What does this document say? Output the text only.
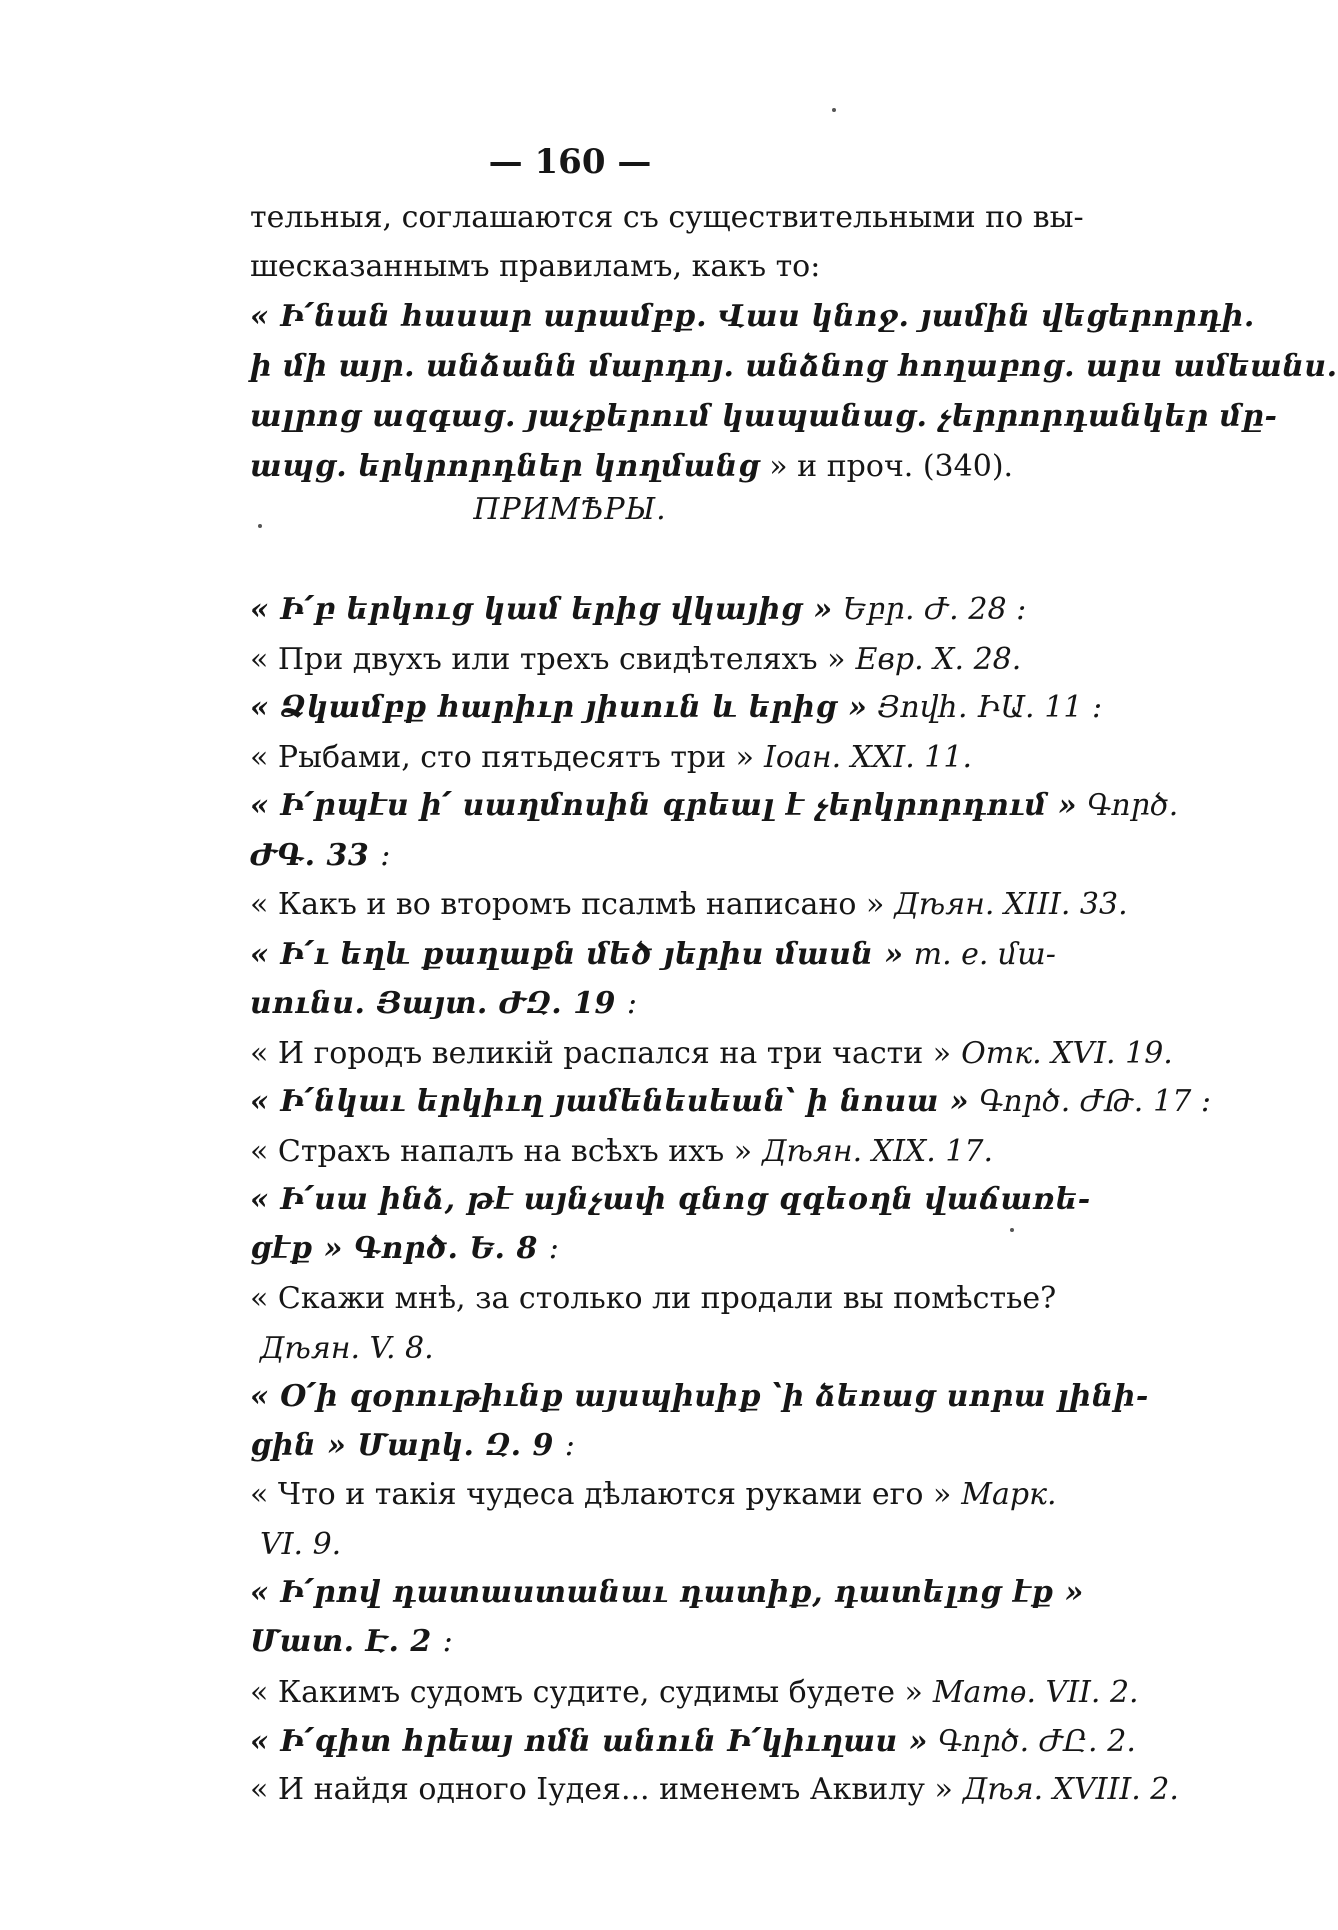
— 160 —
тельныя, соглашаются съ существительными по вы-
шесказаннымъ правиламъ, какъ то:
« Ի՛նան հասար արամբք․ Վաս կնոջ․ յամին վեցերորդի․
ի մի այր․ անձանն մարդոյ․ անձնոց հողաբոց․ արս ամեանս․
ալրոց ազգաց․ յաչքերում կապանաց․ չերրորդանկեր մը-
ապց․ երկրորդներ կողմանց » и проч. (340).
ПРИМѢРЫ.
« Ի՛բ երկուց կամ երից վկայից » Եբր․ Ժ․ 28 ։
« При двухъ или трехъ свидѣтеляхъ » Евр. X. 28.
« Ձկամբք հարիւր յիսուն և երից » Յովհ․ ԻԱ․ 11 ։
« Рыбами, сто пятьдесятъ три » Іоан. XXI. 11.
« Ի՛րպէս ի՛ սաղմոսին գրեալ է չերկրորդում » Գործ․
ԺԳ․ 33 ։
« Какъ и во второмъ псалмѣ написано » Дѣян. XIII. 33.
« Ի՛ւ եղև քաղաքն մեծ յերիս մասն » т. е. մա-
սունս․ Յայտ․ ԺԶ․ 19 ։
« И городъ великій распался на три части » Отк. XVI. 19.
« Ի՛նկաւ երկիւղ յամենեսեան՝ ի նոսա » Գործ․ ԺԹ․ 17 ։
« Страхъ напалъ на всѣхъ ихъ » Дѣян. XIX. 17.
« Ի՛սա ինձ, թէ այնչափ գնոց զգեօղն վաճառե-
ցէք » Գործ․ Ե․ 8 ։
« Скажи мнѣ, за столько ли продали вы помѣстье?
Дѣян. V. 8.
« Օ՛ի զօրութիւնք այսպիսիք ՝ի ձեռաց սորա լինի-
ցին » Մարկ․ Զ․ 9 ։
« Что и такія чудеса дѣлаются руками его » Марк.
VI. 9.
« Ի՛րով դատաստանաւ դատիք, դատելոց էք »
Մատ․ Է․ 2 ։
« Какимъ судомъ судите, судимы будете » Матѳ. VII. 2.
« Ի՛գիտ հրեայ ոմն անուն Ի՛կիւղաս » Գործ․ ԺԸ․ 2.
« И найдя одного Іудея... именемъ Аквилу » Дѣя. XVIII. 2.
